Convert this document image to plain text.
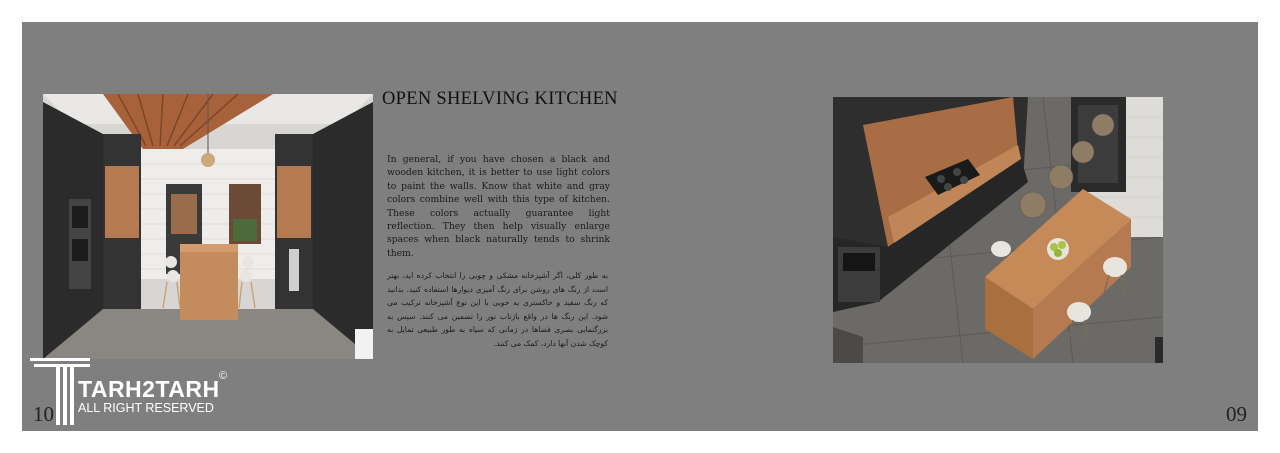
OPEN SHELVING KITCHEN

In general, if you have chosen a black and wooden kitchen, it is better to use light colors to paint the walls. Know that white and gray colors combine well with this type of kitchen. These colors actually guarantee light reflection. They then help visually enlarge spaces when black naturally tends to shrink them.

به طور کلی، اگر آشپزخانه مشکی و چوبی را انتخاب کرده اید، بهتر است از رنگ های روشن برای رنگ آمیزی دیوارها استفاده کنید. بدانید که رنگ سفید و خاکستری به خوبی با این نوع آشپزخانه ترکیب می شود. این رنگ ها در واقع بازتاب نور را تضمین می کنند. سپس به بزرگنمایی بصری فضاها در زمانی که سیاه به طور طبیعی تمایل به کوچک شدن آنها دارد، کمک می کنند.

10	09

TARH2TARH

ALL RIGHT RESERVED

©
